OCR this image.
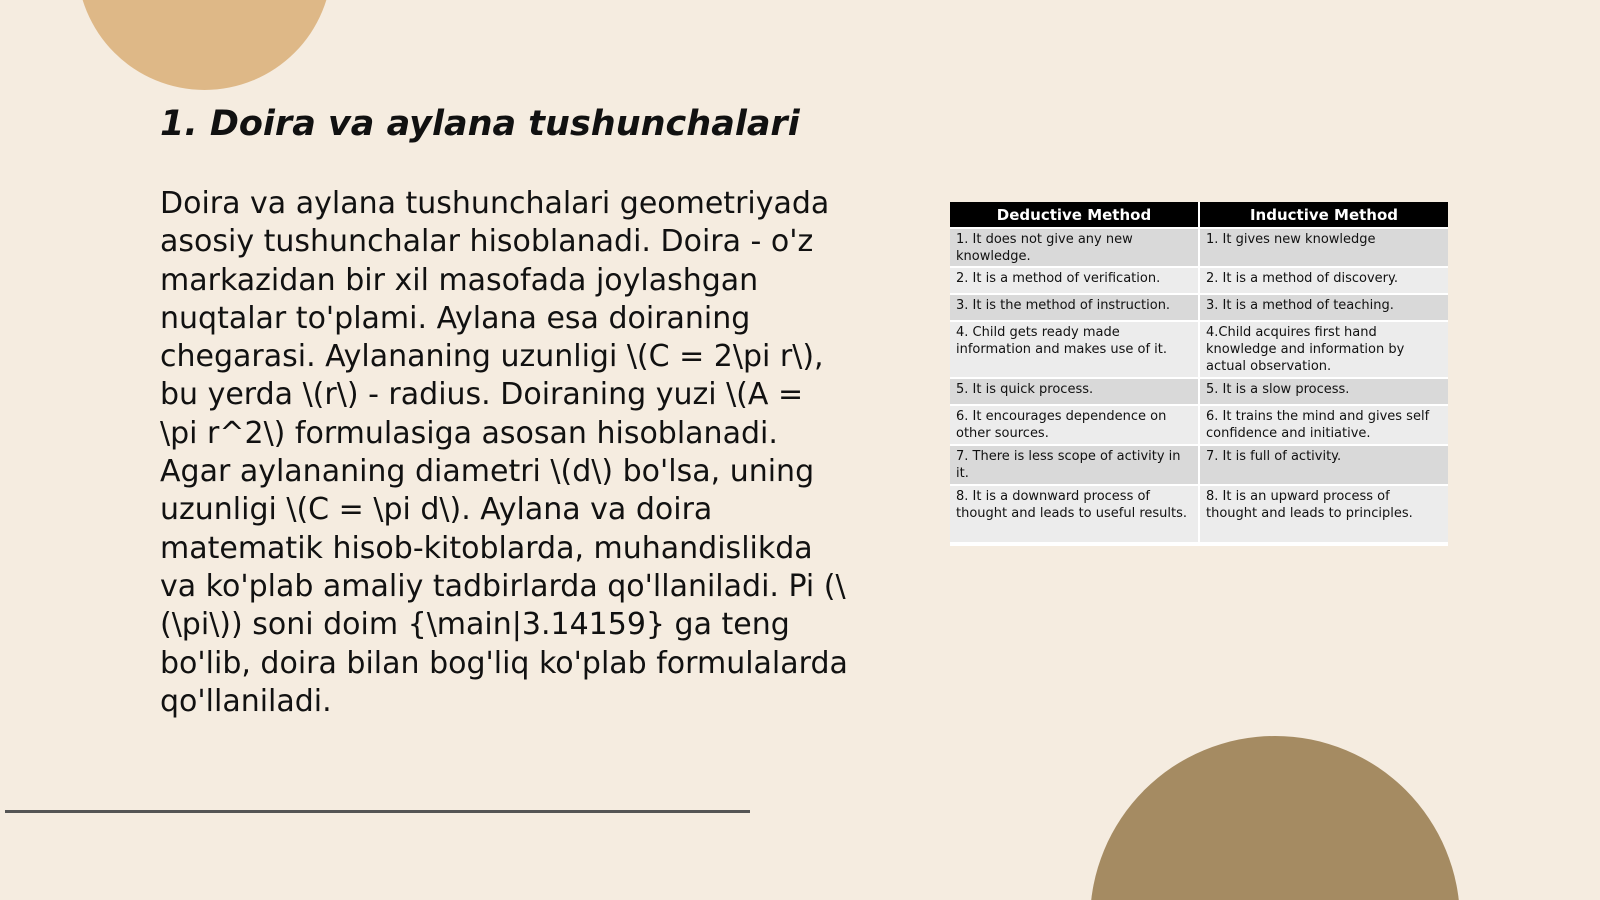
1. Doira va aylana tushunchalari

Doira va aylana tushunchalari geometriyada asosiy tushunchalar hisoblanadi. Doira - o'z markazidan bir xil masofada joylashgan nuqtalar to'plami. Aylana esa doiraning chegarasi. Aylananing uzunligi \(C = 2\pi r\), bu yerda \(r\) - radius. Doiraning yuzi \(A = \pi r^2\) formulasiga asosan hisoblanadi. Agar aylananing diametri \(d\) bo'lsa, uning uzunligi \(C = \pi d\). Aylana va doira matematik hisob-kitoblarda, muhandislikda va ko'plab amaliy tadbirlarda qo'llaniladi. Pi (\(\pi\)) soni doim {\main|3.14159} ga teng bo'lib, doira bilan bog'liq ko'plab formulalarda qo'llaniladi.

Deductive Method	Inductive Method
1. It does not give any new knowledge.	1. It gives new knowledge
2. It is a method of verification.	2. It is a method of discovery.
3. It is the method of instruction.	3. It is a method of teaching.
4. Child gets ready made information and makes use of it.	4.Child acquires first hand knowledge and information by actual observation.
5. It is quick process.	5. It is a slow process.
6. It encourages dependence on other sources.	6. It trains the mind and gives self confidence and initiative.
7. There is less scope of activity in it.	7. It is full of activity.
8. It is a downward process of thought and leads to useful results.	8. It is an upward process of thought and leads to principles.
